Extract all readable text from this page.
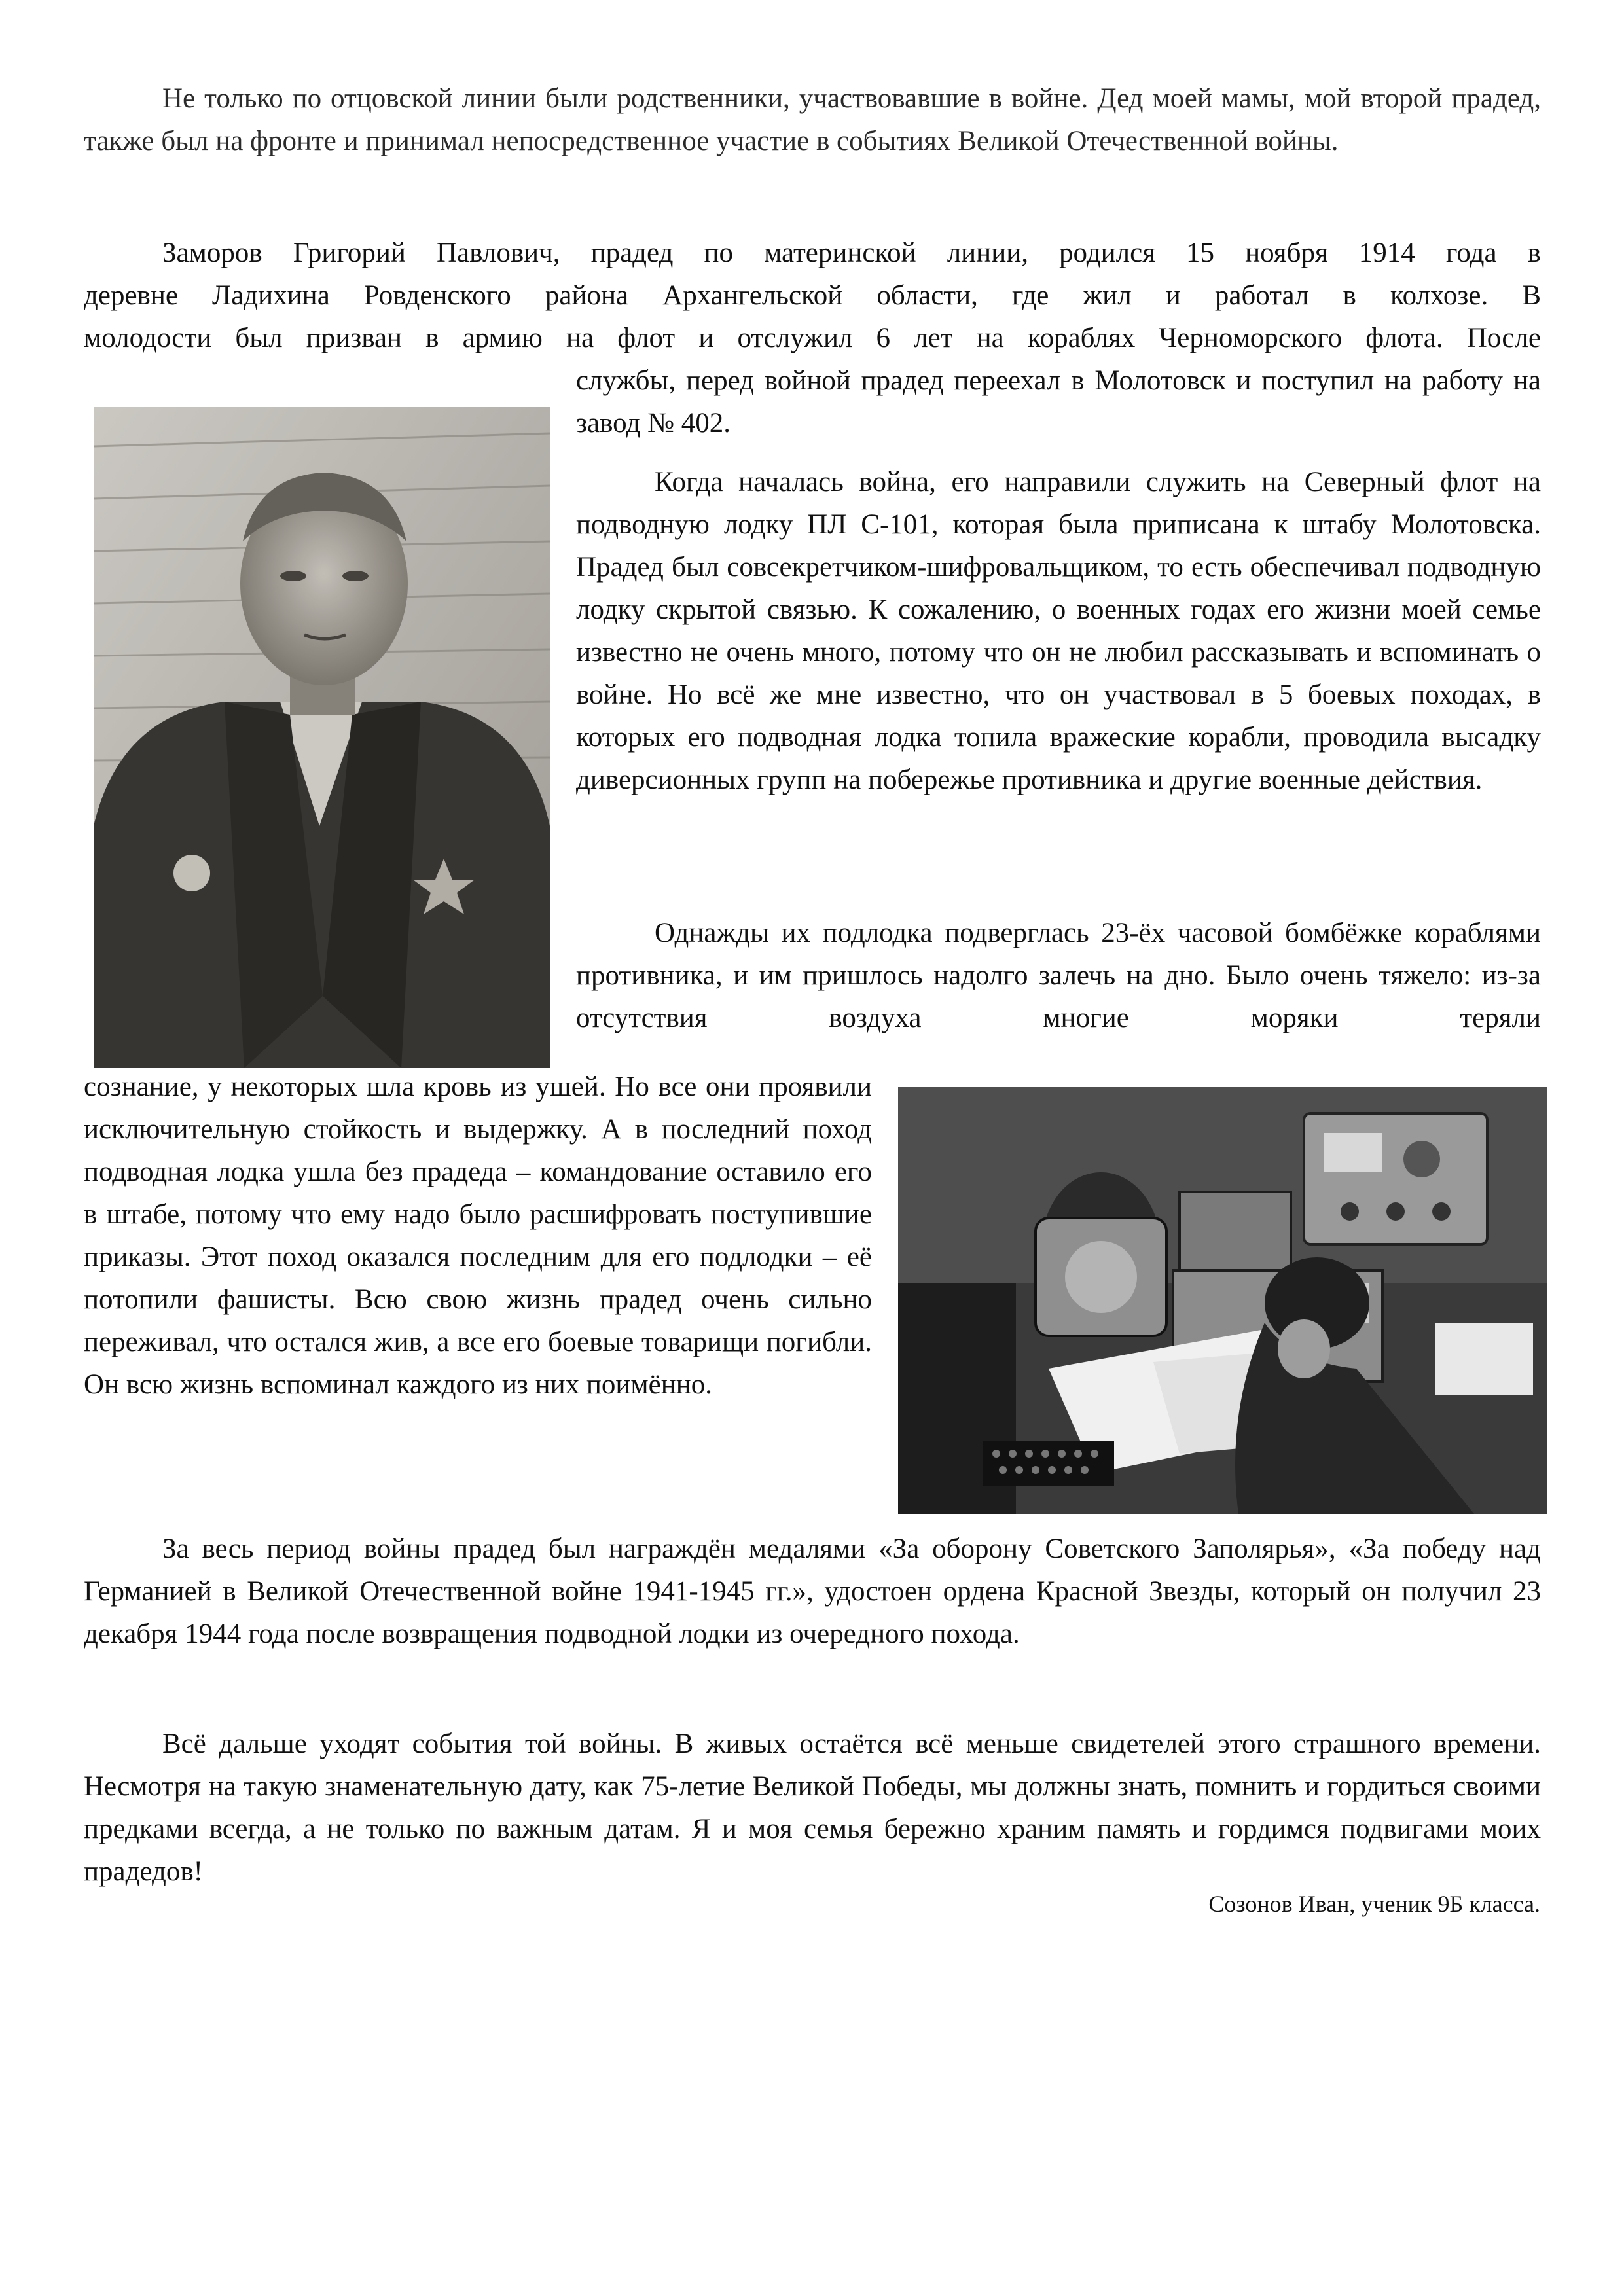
Не только по отцовской линии были родственники, участвовавшие в войне. Дед моей мамы, мой второй прадед, также был на фронте и принимал непосредственное участие в событиях Великой Отечественной войны.

Заморов Григорий Павлович, прадед по материнской линии, родился 15 ноября 1914 года в
деревне Ладихина Ровденского района Архангельской области, где жил и работал в колхозе. В
молодости был призван в армию на флот и отслужил 6 лет на кораблях Черноморского флота. После

службы, перед войной прадед переехал в Молотовск и поступил на работу на завод № 402.

Когда началась война, его направили служить на Северный флот на подводную лодку ПЛ С-101, которая была приписана к штабу Молотовска. Прадед был совсекретчиком-шифровальщиком, то есть обеспечивал подводную лодку скрытой связью. К сожалению, о военных годах его жизни моей семье известно не очень много, потому что он не любил рассказывать и вспоминать о войне. Но всё же мне известно, что он участвовал в 5 боевых походах, в которых его подводная лодка топила вражеские корабли, проводила высадку диверсионных групп на побережье противника и другие военные действия.

Однажды их подлодка подверглась 23-ёх часовой бомбёжке кораблями противника, и им пришлось надолго залечь на дно. Было очень тяжело: из-за отсутствия воздуха многие моряки теряли

сознание, у некоторых шла кровь из ушей. Но все они проявили исключительную стойкость и выдержку. А в последний поход подводная лодка ушла без прадеда – командование оставило его в штабе, потому что ему надо было расшифровать поступившие приказы. Этот поход оказался последним для его подлодки – её потопили фашисты. Всю свою жизнь прадед очень сильно переживал, что остался жив, а все его боевые товарищи погибли. Он всю жизнь вспоминал каждого из них поимённо.

За весь период войны прадед был награждён медалями «За оборону Советского Заполярья», «За победу над Германией в Великой Отечественной войне 1941-1945 гг.», удостоен ордена Красной Звезды, который он получил 23 декабря 1944 года после возвращения подводной лодки из очередного похода.

Всё дальше уходят события той войны. В живых остаётся всё меньше свидетелей этого страшного времени. Несмотря на такую знаменательную дату, как 75-летие Великой Победы, мы должны знать, помнить и гордиться своими предками всегда, а не только по важным датам. Я и моя семья бережно храним память и гордимся подвигами моих прадедов!

Созонов Иван, ученик 9Б класса.
